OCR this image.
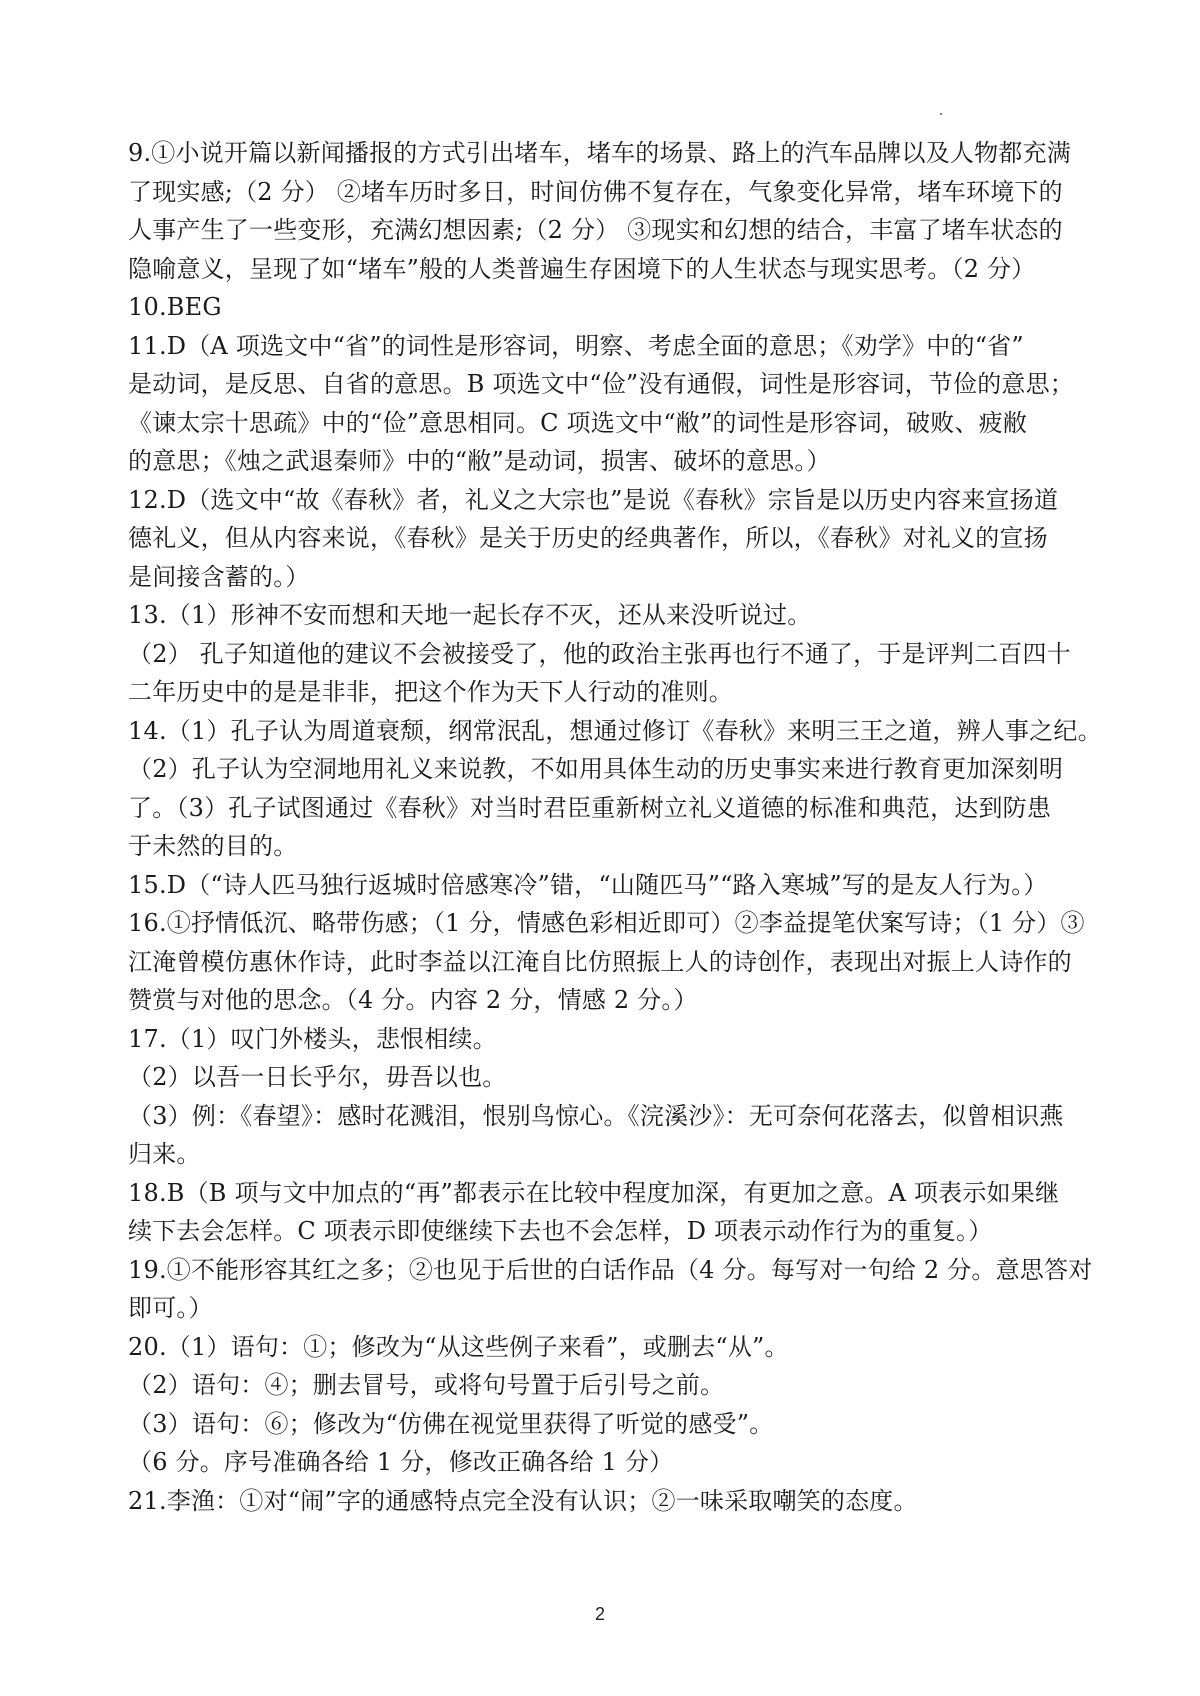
9.①小说开篇以新闻播报的方式引出堵车，堵车的场景、路上的汽车品牌以及人物都充满
了现实感;（2 分） ②堵车历时多日，时间仿佛不复存在，气象变化异常，堵车环境下的
人事产生了一些变形，充满幻想因素;（2 分） ③现实和幻想的结合，丰富了堵车状态的
隐喻意义，呈现了如“堵车”般的人类普遍生存困境下的人生状态与现实思考。（2 分）
10.BEG
11.D（A 项选文中“省”的词性是形容词，明察、考虑全面的意思；《劝学》中的“省”
是动词，是反思、自省的意思。B 项选文中“俭”没有通假，词性是形容词，节俭的意思；
《谏太宗十思疏》中的“俭”意思相同。C 项选文中“敝”的词性是形容词，破败、疲敝
的意思；《烛之武退秦师》中的“敝”是动词，损害、破坏的意思。）
12.D（选文中“故《春秋》者，礼义之大宗也”是说《春秋》宗旨是以历史内容来宣扬道
德礼义，但从内容来说，《春秋》是关于历史的经典著作，所以，《春秋》对礼义的宣扬
是间接含蓄的。）
13.（1）形神不安而想和天地一起长存不灭，还从来没听说过。
（2） 孔子知道他的建议不会被接受了，他的政治主张再也行不通了，于是评判二百四十
二年历史中的是是非非，把这个作为天下人行动的准则。
14.（1）孔子认为周道衰颓，纲常泯乱，想通过修订《春秋》来明三王之道，辨人事之纪。
（2）孔子认为空洞地用礼义来说教，不如用具体生动的历史事实来进行教育更加深刻明
了。（3）孔子试图通过《春秋》对当时君臣重新树立礼义道德的标准和典范，达到防患
于未然的目的。
15.D（“诗人匹马独行返城时倍感寒冷”错，“山随匹马”“路入寒城”写的是友人行为。）
16.①抒情低沉、略带伤感；（1 分，情感色彩相近即可）②李益提笔伏案写诗；（1 分）③
江淹曾模仿惠休作诗，此时李益以江淹自比仿照振上人的诗创作，表现出对振上人诗作的
赞赏与对他的思念。（4 分。内容 2 分，情感 2 分。）
17.（1）叹门外楼头，悲恨相续。
（2）以吾一日长乎尔，毋吾以也。
（3）例：《春望》：感时花溅泪，恨别鸟惊心。《浣溪沙》：无可奈何花落去，似曾相识燕
归来。
18.B（B 项与文中加点的“再”都表示在比较中程度加深，有更加之意。A 项表示如果继
续下去会怎样。C 项表示即使继续下去也不会怎样，D 项表示动作行为的重复。）
19.①不能形容其红之多；②也见于后世的白话作品（4 分。每写对一句给 2 分。意思答对
即可。）
20.（1）语句：①；修改为“从这些例子来看”，或删去“从”。
（2）语句：④；删去冒号，或将句号置于后引号之前。
（3）语句：⑥；修改为“仿佛在视觉里获得了听觉的感受”。
（6 分。序号准确各给 1 分，修改正确各给 1 分）
21.李渔：①对“闹”字的通感特点完全没有认识；②一味采取嘲笑的态度。
2
